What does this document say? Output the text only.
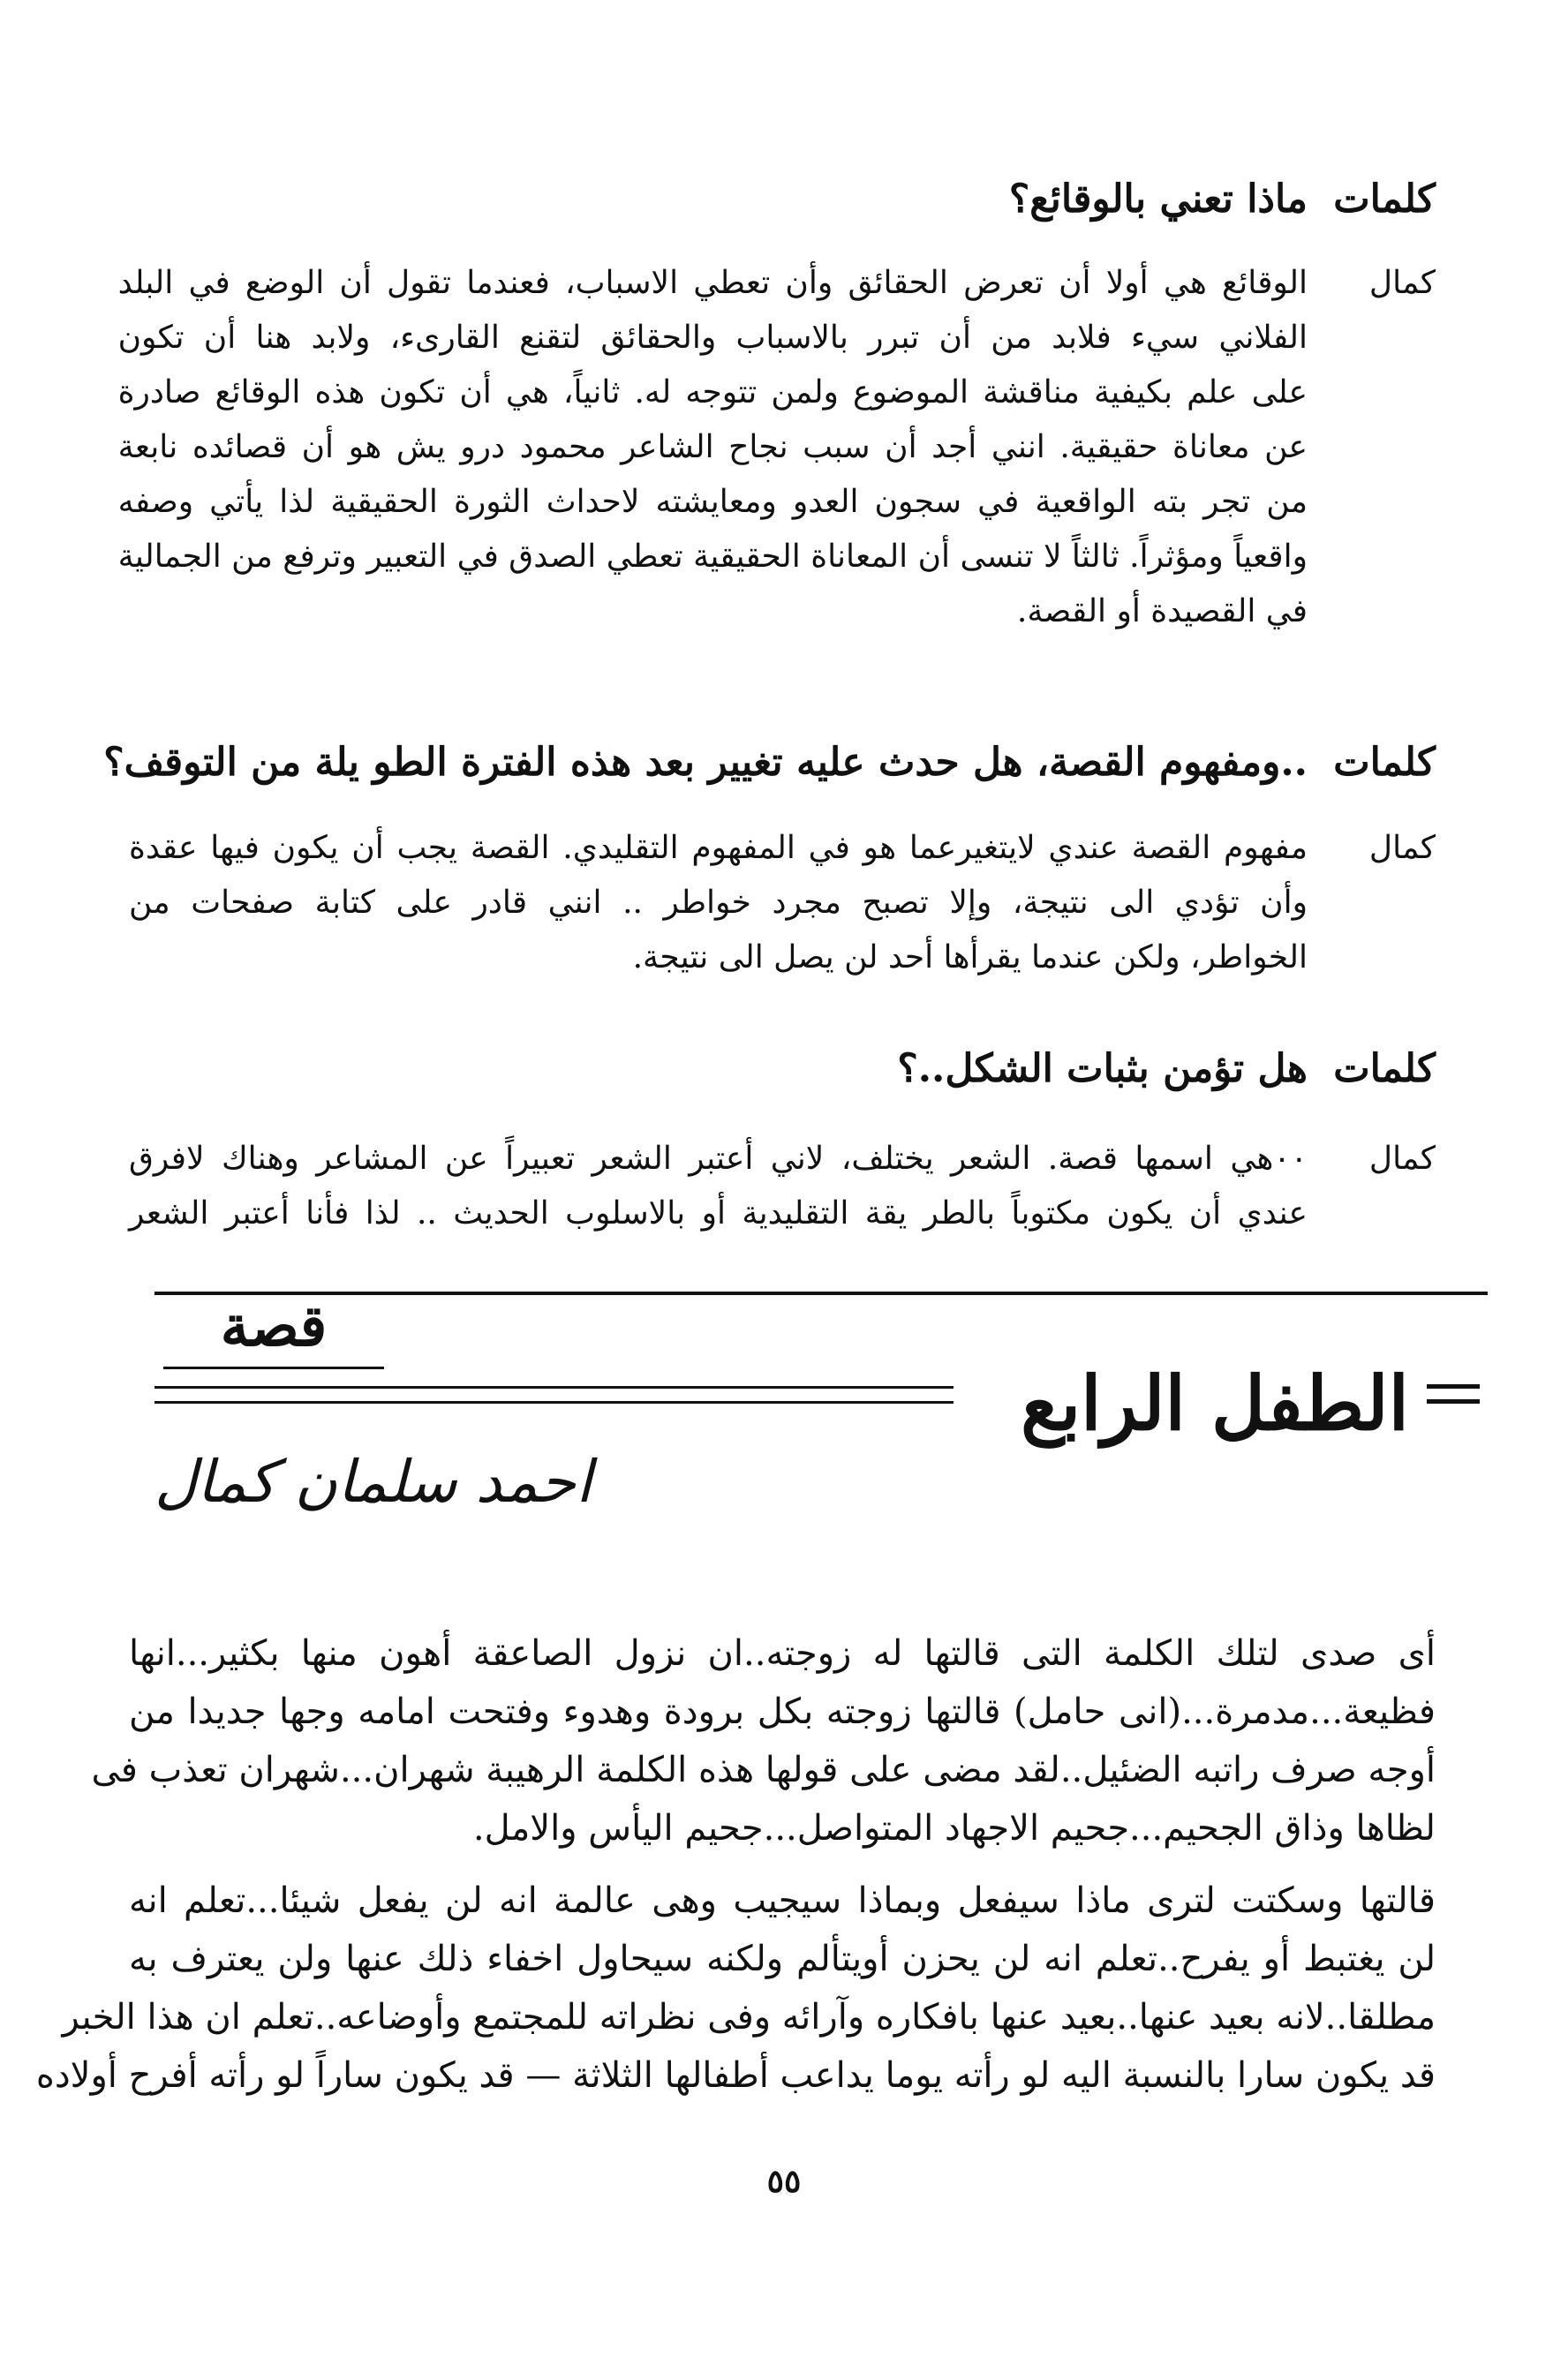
كلمات
ماذا تعني بالوقائع؟
كمال
الوقائع هي أولا أن تعرض الحقائق وأن تعطي الاسباب، فعندما تقول أن الوضع في البلد
الفلاني سيء فلابد من أن تبرر بالاسباب والحقائق لتقنع القارىء، ولابد هنا أن تكون
على علم بكيفية مناقشة الموضوع ولمن تتوجه له. ثانياً، هي أن تكون هذه الوقائع صادرة
عن معاناة حقيقية. انني أجد أن سبب نجاح الشاعر محمود درو يش هو أن قصائده نابعة
من تجر بته الواقعية في سجون العدو ومعايشته لاحداث الثورة الحقيقية لذا يأتي وصفه
واقعياً ومؤثراً. ثالثاً لا تنسى أن المعاناة الحقيقية تعطي الصدق في التعبير وترفع من الجمالية
في القصيدة أو القصة.
كلمات
..ومفهوم القصة، هل حدث عليه تغيير بعد هذه الفترة الطو يلة من التوقف؟
كمال
مفهوم القصة عندي لايتغيرعما هو في المفهوم التقليدي. القصة يجب أن يكون فيها عقدة
وأن تؤدي الى نتيجة، وإلا تصبح مجرد خواطر .. انني قادر على كتابة صفحات من
الخواطر، ولكن عندما يقرأها أحد لن يصل الى نتيجة.
كلمات
هل تؤمن بثبات الشكل..؟
كمال
٠٠هي اسمها قصة. الشعر يختلف، لاني أعتبر الشعر تعبيراً عن المشاعر وهناك لافرق
عندي أن يكون مكتوباً بالطر يقة التقليدية أو بالاسلوب الحديث .. لذا فأنا أعتبر الشعر
قصة
الطفل الرابع
احمد سلمان كمال
أى صدى لتلك الكلمة التى قالتها له زوجته..ان نزول الصاعقة أهون منها بكثير...انها
فظيعة...مدمرة...(انى حامل) قالتها زوجته بكل برودة وهدوء وفتحت امامه وجها جديدا من
أوجه صرف راتبه الضئيل..لقد مضى على قولها هذه الكلمة الرهيبة شهران...شهران تعذب فى
لظاها وذاق الجحيم...جحيم الاجهاد المتواصل...جحيم اليأس والامل.
قالتها وسكتت لترى ماذا سيفعل وبماذا سيجيب وهى عالمة انه لن يفعل شيئا...تعلم انه
لن يغتبط أو يفرح..تعلم انه لن يحزن أويتألم ولكنه سيحاول اخفاء ذلك عنها ولن يعترف به
مطلقا..لانه بعيد عنها..بعيد عنها بافكاره وآرائه وفى نظراته للمجتمع وأوضاعه..تعلم ان هذا الخبر
قد يكون سارا بالنسبة اليه لو رأته يوما يداعب أطفالها الثلاثة — قد يكون ساراً لو رأته أفرح أولاده
٥٥
